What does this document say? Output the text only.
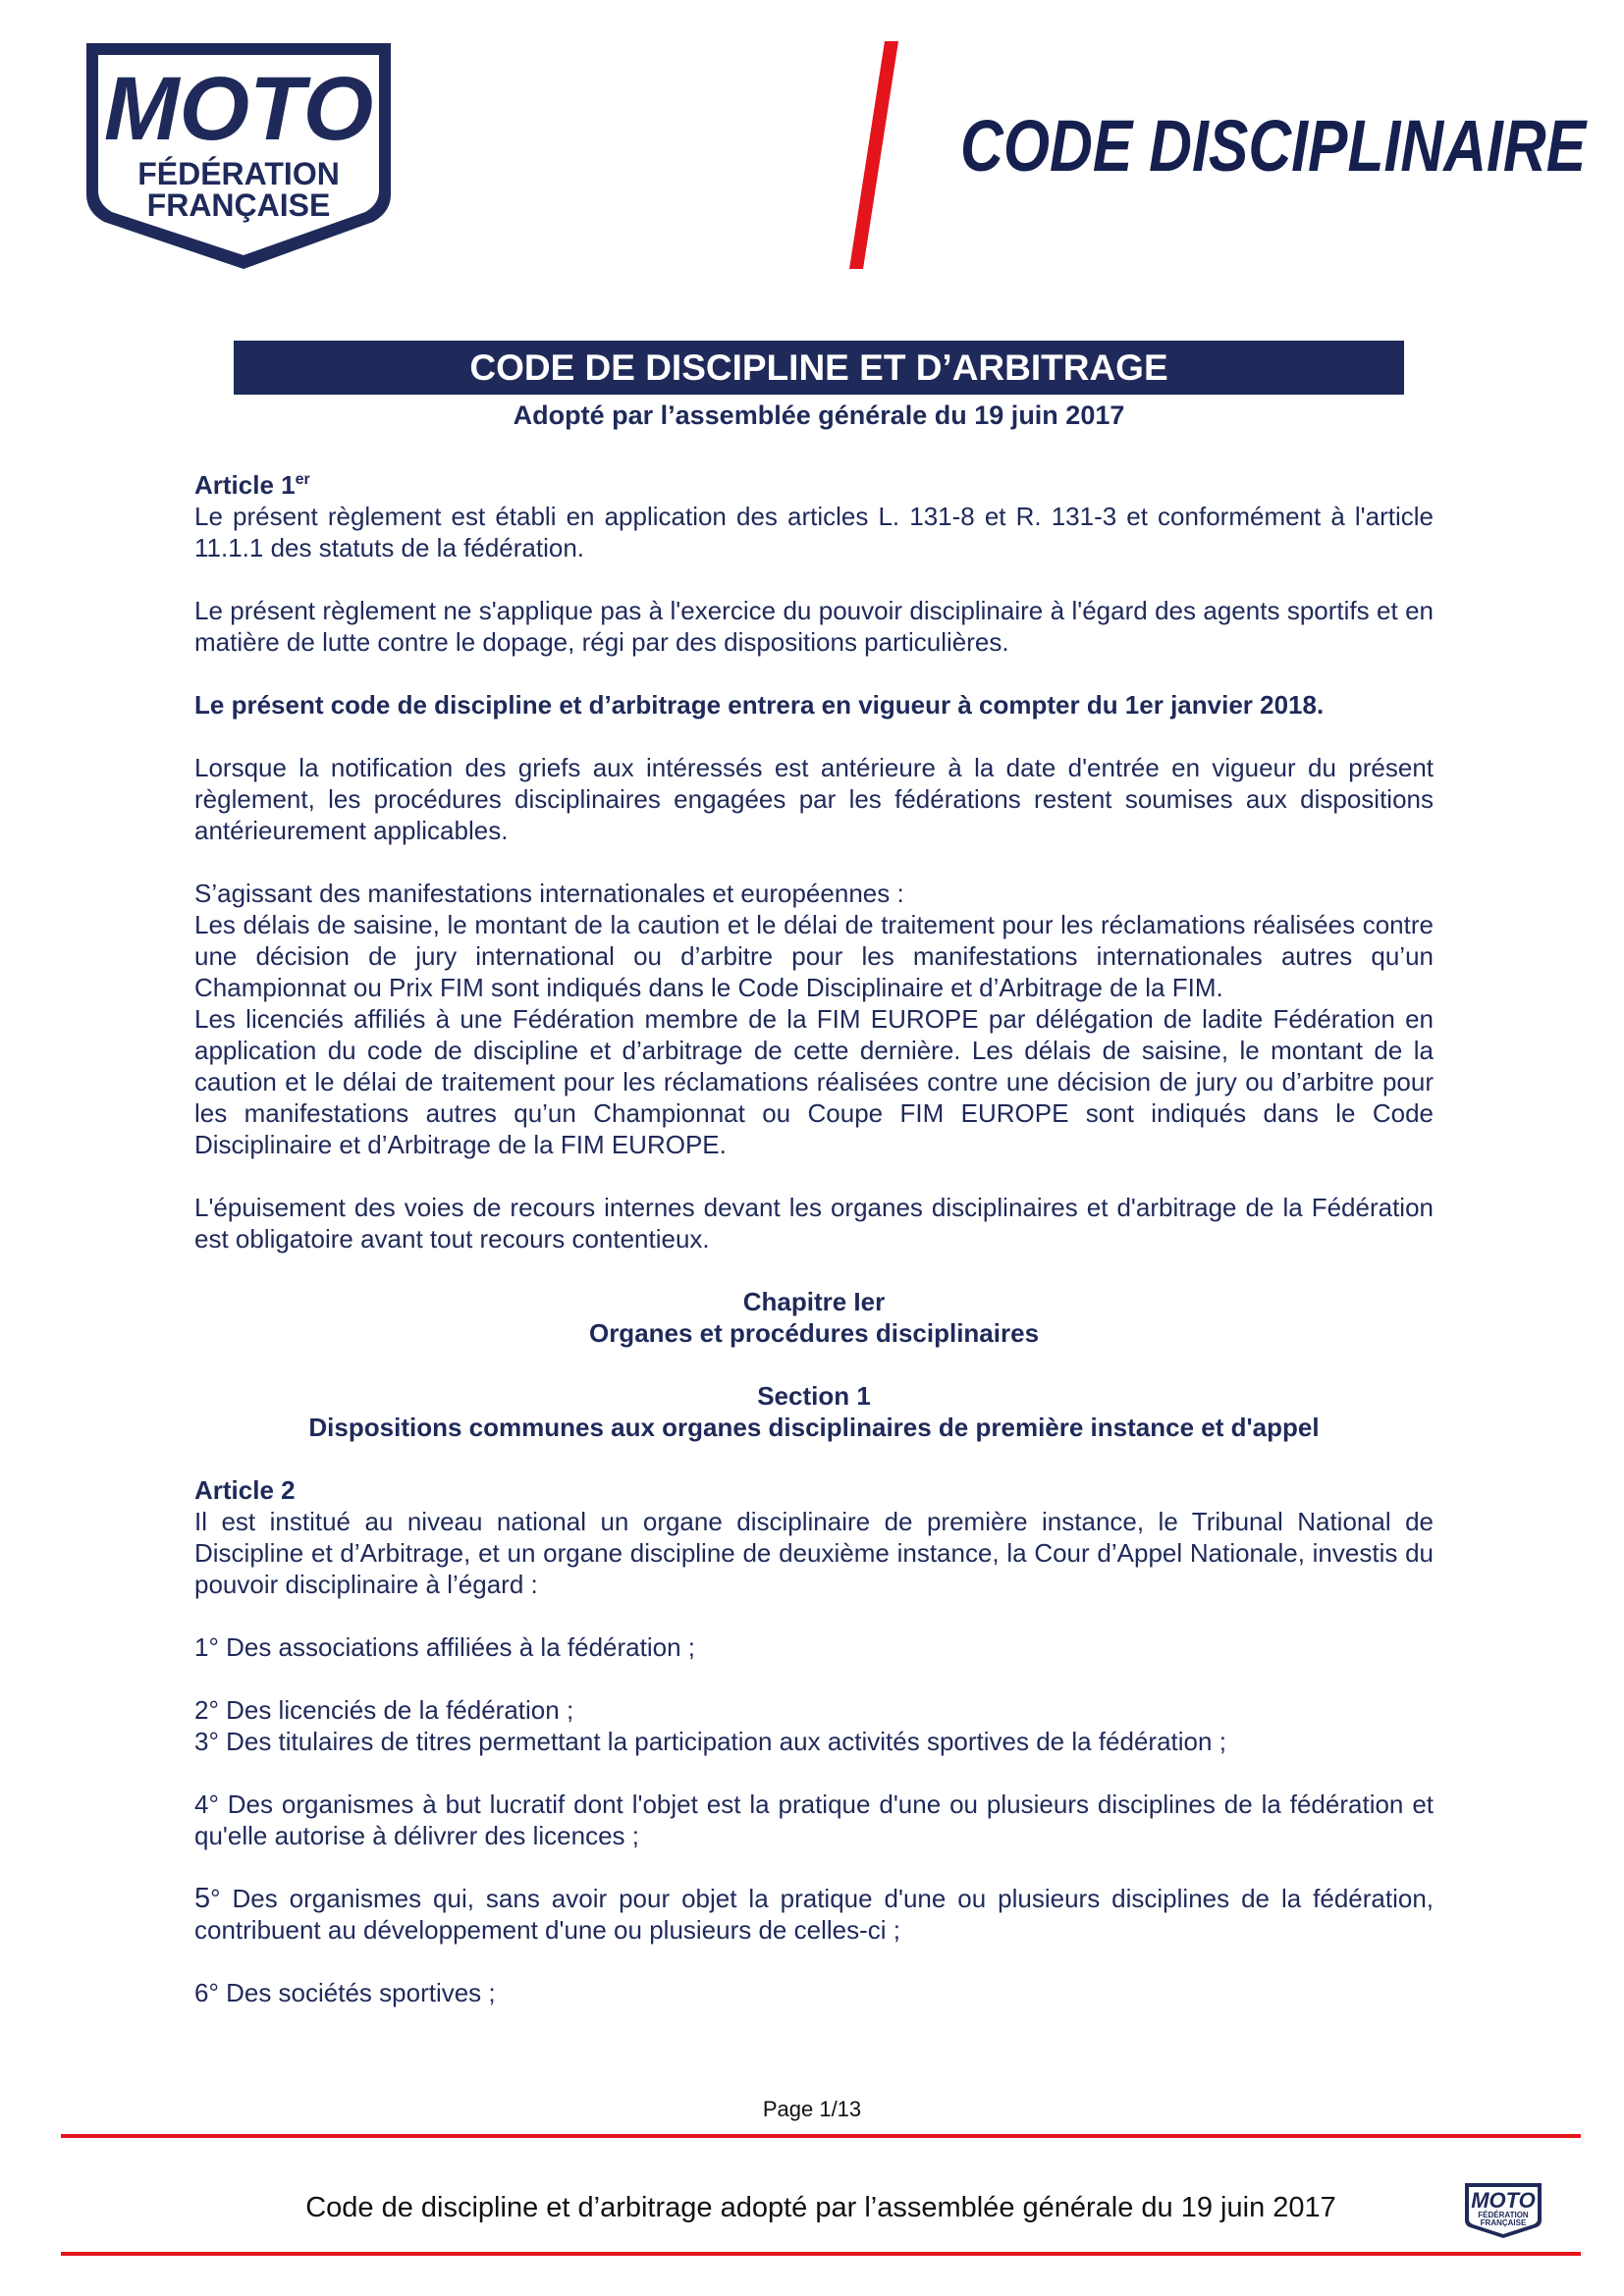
MOTO
FÉDÉRATION
FRANÇAISE
CODE DISCIPLINAIRE
CODE DE DISCIPLINE ET D’ARBITRAGE
Adopté par l’assemblée générale du 19 juin 2017

Article 1er

Le présent règlement est établi en application des articles L. 131-8 et R. 131-3 et conformément à l'article 11.1.1 des statuts de la fédération.

Le présent règlement ne s'applique pas à l'exercice du pouvoir disciplinaire à l'égard des agents sportifs et en matière de lutte contre le dopage, régi par des dispositions particulières.

Le présent code de discipline et d’arbitrage entrera en vigueur à compter du 1er janvier 2018.

Lorsque la notification des griefs aux intéressés est antérieure à la date d'entrée en vigueur du présent règlement, les procédures disciplinaires engagées par les fédérations restent soumises aux dispositions antérieurement applicables.

S’agissant des manifestations internationales et européennes :

Les délais de saisine, le montant de la caution et le délai de traitement pour les réclamations réalisées contre une décision de jury international ou d’arbitre pour les manifestations internationales autres qu’un Championnat ou Prix FIM sont indiqués dans le Code Disciplinaire et d’Arbitrage de la FIM.

Les licenciés affiliés à une Fédération membre de la FIM EUROPE par délégation de ladite Fédération en application du code de discipline et d’arbitrage de cette dernière. Les délais de saisine, le montant de la caution et le délai de traitement pour les réclamations réalisées contre une décision de jury ou d’arbitre pour les manifestations autres qu’un Championnat ou Coupe FIM EUROPE sont indiqués dans le Code Disciplinaire et d’Arbitrage de la FIM EUROPE.

L'épuisement des voies de recours internes devant les organes disciplinaires et d'arbitrage de la Fédération est obligatoire avant tout recours contentieux.

Chapitre Ier

Organes et procédures disciplinaires

Section 1

Dispositions communes aux organes disciplinaires de première instance et d'appel

Article 2

Il est institué au niveau national un organe disciplinaire de première instance, le Tribunal National de Discipline et d’Arbitrage, et un organe discipline de deuxième instance, la Cour d’Appel Nationale, investis du pouvoir disciplinaire à l’égard :

1° Des associations affiliées à la fédération ;

2° Des licenciés de la fédération ;

3° Des titulaires de titres permettant la participation aux activités sportives de la fédération ;

4° Des organismes à but lucratif dont l'objet est la pratique d'une ou plusieurs disciplines de la fédération et qu'elle autorise à délivrer des licences ;

5° Des organismes qui, sans avoir pour objet la pratique d'une ou plusieurs disciplines de la fédération, contribuent au développement d'une ou plusieurs de celles-ci ;

6° Des sociétés sportives ;

Page 1/13
Code de discipline et d’arbitrage adopté par l’assemblée générale du 19 juin 2017	MOTO
FÉDÉRATION
FRANÇAISE
